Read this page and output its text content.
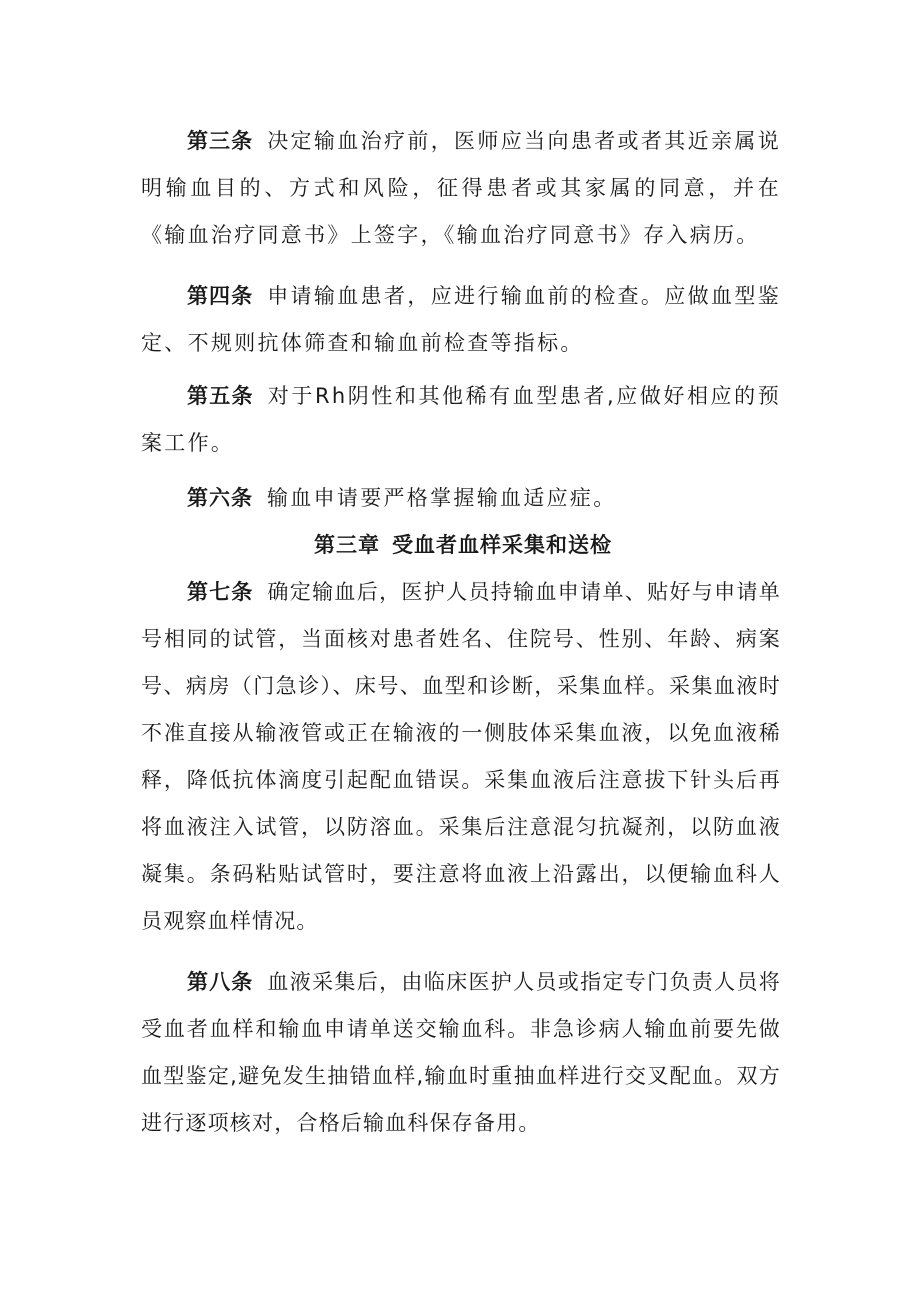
第三条 决定输血治疗前，医师应当向患者或者其近亲属说明输血目的、方式和风险，征得患者或其家属的同意，并在《输血治疗同意书》上签字，《输血治疗同意书》存入病历。

第四条 申请输血患者，应进行输血前的检查。应做血型鉴定、不规则抗体筛查和输血前检查等指标。

第五条 对于Rh阴性和其他稀有血型患者,应做好相应的预案工作。

第六条 输血申请要严格掌握输血适应症。

第三章 受血者血样采集和送检

第七条 确定输血后，医护人员持输血申请单、贴好与申请单号相同的试管，当面核对患者姓名、住院号、性别、年龄、病案号、病房（门急诊）、床号、血型和诊断，采集血样。采集血液时不准直接从输液管或正在输液的一侧肢体采集血液，以免血液稀释，降低抗体滴度引起配血错误。采集血液后注意拔下针头后再将血液注入试管，以防溶血。采集后注意混匀抗凝剂，以防血液凝集。条码粘贴试管时，要注意将血液上沿露出，以便输血科人员观察血样情况。

第八条 血液采集后，由临床医护人员或指定专门负责人员将受血者血样和输血申请单送交输血科。非急诊病人输血前要先做血型鉴定,避免发生抽错血样,输血时重抽血样进行交叉配血。双方进行逐项核对，合格后输血科保存备用。
